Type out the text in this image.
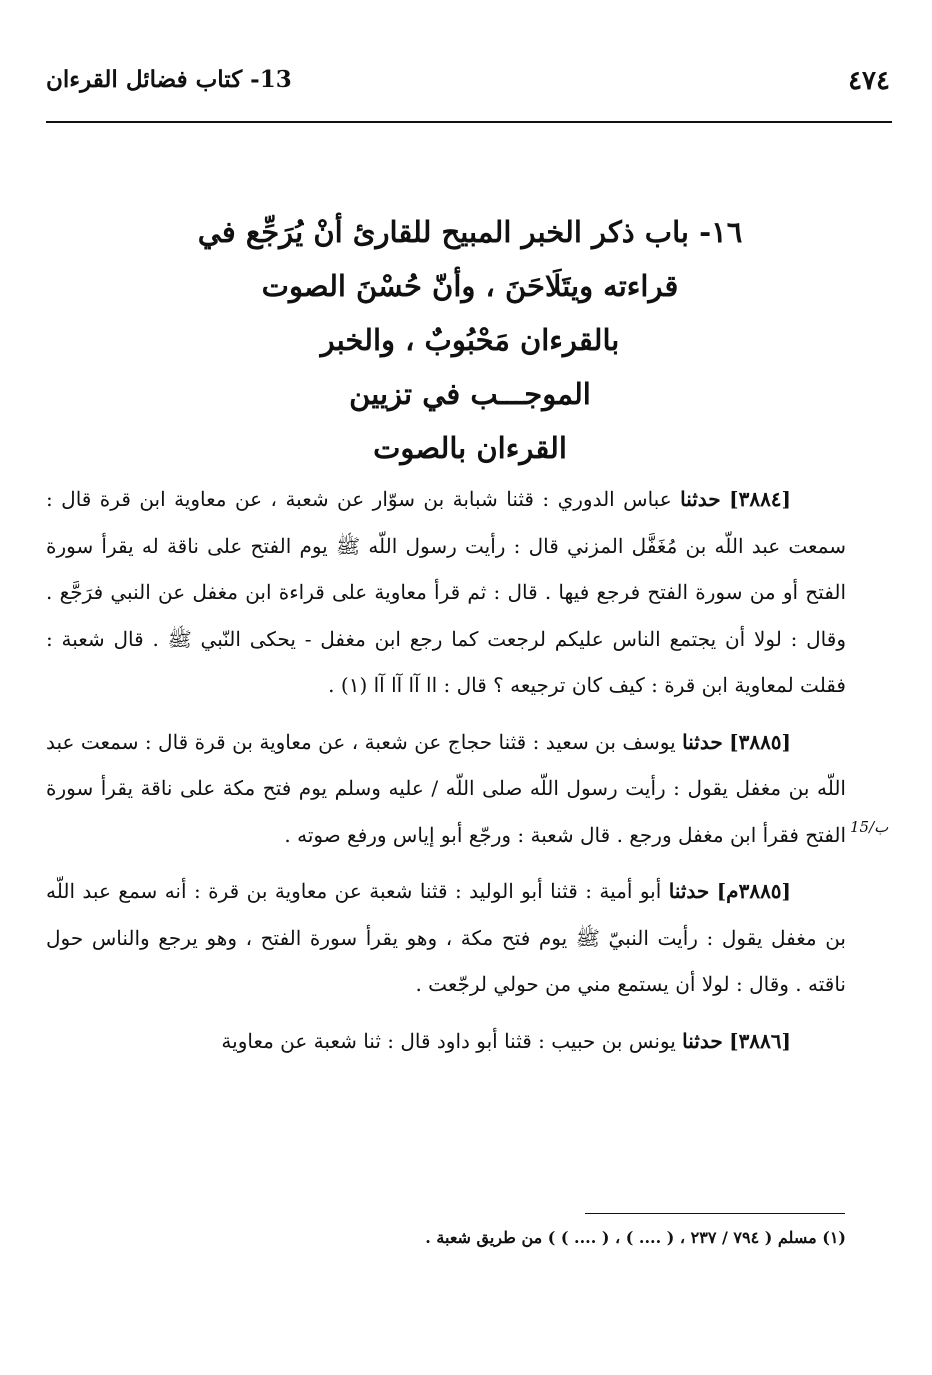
٤٧٤
13- كتاب فضائل القرءان
١٦- باب ذكر الخبر المبيح للقارئ أنْ يُرَجِّع في
قراءته ويتَلَاحَنَ ، وأنّ حُسْنَ الصوت
بالقرءان مَحْبُوبٌ ، والخبر
الموجـــب في تزيين
القرءان بالصوت

[٣٨٨٤] حدثنا عباس الدوري : قثنا شبابة بن سوّار عن شعبة ، عن معاوية ابن قرة قال : سمعت عبد اللّه بن مُغَفَّل المزني قال : رأيت رسول اللّه ﷺ يوم الفتح على ناقة له يقرأ سورة الفتح أو من سورة الفتح فرجع فيها . قال : ثم قرأ معاوية على قراءة ابن مغفل عن النبي فرَجَّع . وقال : لولا أن يجتمع الناس عليكم لرجعت كما رجع ابن مغفل - يحكى النّبي ﷺ . قال شعبة : فقلت لمعاوية ابن قرة : كيف كان ترجيعه ؟ قال : اا آا آا آا (١) .

[٣٨٨٥] حدثنا يوسف بن سعيد : قثنا حجاج عن شعبة ، عن معاوية بن قرة قال : سمعت عبد اللّه بن مغفل يقول : رأيت رسول اللّه صلى اللّه / عليه وسلم يوم فتح مكة على ناقة يقرأ سورة الفتح فقرأ ابن مغفل ورجع . قال شعبة : ورجّع أبو إياس ورفع صوته .

[٣٨٨٥م] حدثنا أبو أمية : قثنا أبو الوليد : قثنا شعبة عن معاوية بن قرة : أنه سمع عبد اللّه بن مغفل يقول : رأيت النبيّ ﷺ يوم فتح مكة ، وهو يقرأ سورة الفتح ، وهو يرجع والناس حول ناقته . وقال : لولا أن يستمع مني من حولي لرجّعت .

[٣٨٨٦] حدثنا يونس بن حبيب : قثنا أبو داود قال : ثنا شعبة عن معاوية

15/ب
(١) مسلم ( ٧٩٤ / ٢٣٧ ، ( .... ) ، ( .... ) ) من طريق شعبة .
